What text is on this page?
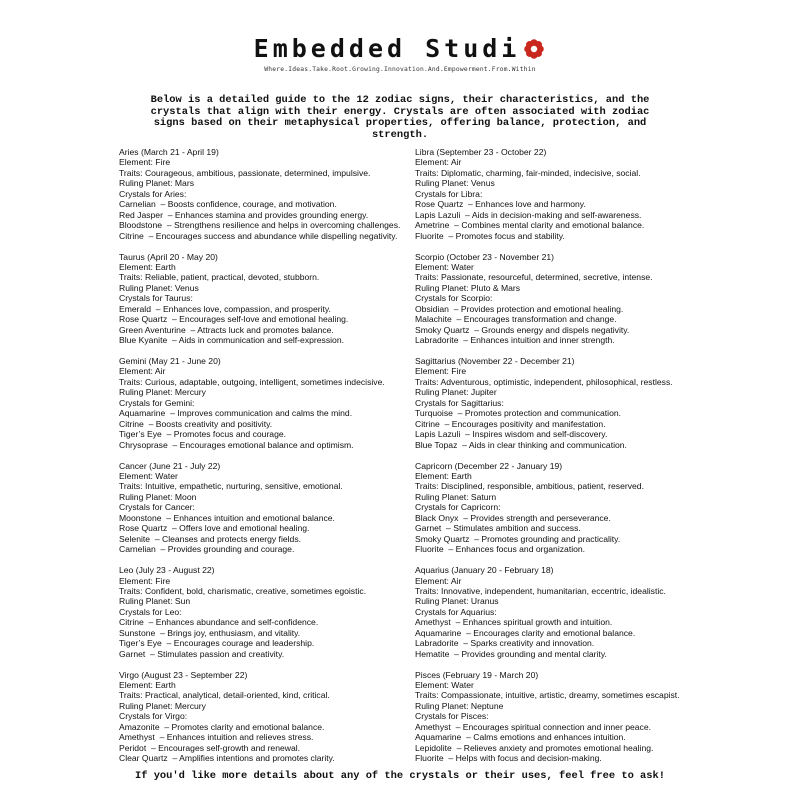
Embedded Studi
Where.Ideas.Take.Root.Growing.Innovation.And.Empowerment.From.Within
Below is a detailed guide to the 12 zodiac signs, their characteristics, and the crystals that align with their energy. Crystals are often associated with zodiac signs based on their metaphysical properties, offering balance, protection, and strength.
Aries (March 21 - April 19)
Element: Fire
Traits: Courageous, ambitious, passionate, determined, impulsive.
Ruling Planet: Mars
Crystals for Aries:
Carnelian  – Boosts confidence, courage, and motivation.
Red Jasper  – Enhances stamina and provides grounding energy.
Bloodstone  – Strengthens resilience and helps in overcoming challenges.
Citrine  – Encourages success and abundance while dispelling negativity.
Taurus (April 20 - May 20)
Element: Earth
Traits: Reliable, patient, practical, devoted, stubborn.
Ruling Planet: Venus
Crystals for Taurus:
Emerald  – Enhances love, compassion, and prosperity.
Rose Quartz  – Encourages self-love and emotional healing.
Green Aventurine  – Attracts luck and promotes balance.
Blue Kyanite  – Aids in communication and self-expression.
Gemini (May 21 - June 20)
Element: Air
Traits: Curious, adaptable, outgoing, intelligent, sometimes indecisive.
Ruling Planet: Mercury
Crystals for Gemini:
Aquamarine  – Improves communication and calms the mind.
Citrine  – Boosts creativity and positivity.
Tiger’s Eye  – Promotes focus and courage.
Chrysoprase  – Encourages emotional balance and optimism.
Cancer (June 21 - July 22)
Element: Water
Traits: Intuitive, empathetic, nurturing, sensitive, emotional.
Ruling Planet: Moon
Crystals for Cancer:
Moonstone  – Enhances intuition and emotional balance.
Rose Quartz  – Offers love and emotional healing.
Selenite  – Cleanses and protects energy fields.
Carnelian  – Provides grounding and courage.
Leo (July 23 - August 22)
Element: Fire
Traits: Confident, bold, charismatic, creative, sometimes egoistic.
Ruling Planet: Sun
Crystals for Leo:
Citrine  – Enhances abundance and self-confidence.
Sunstone  – Brings joy, enthusiasm, and vitality.
Tiger’s Eye  – Encourages courage and leadership.
Garnet  – Stimulates passion and creativity.
Virgo (August 23 - September 22)
Element: Earth
Traits: Practical, analytical, detail-oriented, kind, critical.
Ruling Planet: Mercury
Crystals for Virgo:
Amazonite  – Promotes clarity and emotional balance.
Amethyst  – Enhances intuition and relieves stress.
Peridot  – Encourages self-growth and renewal.
Clear Quartz  – Amplifies intentions and promotes clarity.
Libra (September 23 - October 22)
Element: Air
Traits: Diplomatic, charming, fair-minded, indecisive, social.
Ruling Planet: Venus
Crystals for Libra:
Rose Quartz  – Enhances love and harmony.
Lapis Lazuli  – Aids in decision-making and self-awareness.
Ametrine  – Combines mental clarity and emotional balance.
Fluorite  – Promotes focus and stability.
Scorpio (October 23 - November 21)
Element: Water
Traits: Passionate, resourceful, determined, secretive, intense.
Ruling Planet: Pluto & Mars
Crystals for Scorpio:
Obsidian  – Provides protection and emotional healing.
Malachite  – Encourages transformation and change.
Smoky Quartz  – Grounds energy and dispels negativity.
Labradorite  – Enhances intuition and inner strength.
Sagittarius (November 22 - December 21)
Element: Fire
Traits: Adventurous, optimistic, independent, philosophical, restless.
Ruling Planet: Jupiter
Crystals for Sagittarius:
Turquoise  – Promotes protection and communication.
Citrine  – Encourages positivity and manifestation.
Lapis Lazuli  – Inspires wisdom and self-discovery.
Blue Topaz  – Aids in clear thinking and communication.
Capricorn (December 22 - January 19)
Element: Earth
Traits: Disciplined, responsible, ambitious, patient, reserved.
Ruling Planet: Saturn
Crystals for Capricorn:
Black Onyx  – Provides strength and perseverance.
Garnet  – Stimulates ambition and success.
Smoky Quartz  – Promotes grounding and practicality.
Fluorite  – Enhances focus and organization.
Aquarius (January 20 - February 18)
Element: Air
Traits: Innovative, independent, humanitarian, eccentric, idealistic.
Ruling Planet: Uranus
Crystals for Aquarius:
Amethyst  – Enhances spiritual growth and intuition.
Aquamarine  – Encourages clarity and emotional balance.
Labradorite  – Sparks creativity and innovation.
Hematite  – Provides grounding and mental clarity.
Pisces (February 19 - March 20)
Element: Water
Traits: Compassionate, intuitive, artistic, dreamy, sometimes escapist.
Ruling Planet: Neptune
Crystals for Pisces:
Amethyst  – Encourages spiritual connection and inner peace.
Aquamarine  – Calms emotions and enhances intuition.
Lepidolite  – Relieves anxiety and promotes emotional healing.
Fluorite  – Helps with focus and decision-making.
If you'd like more details about any of the crystals or their uses, feel free to ask!
